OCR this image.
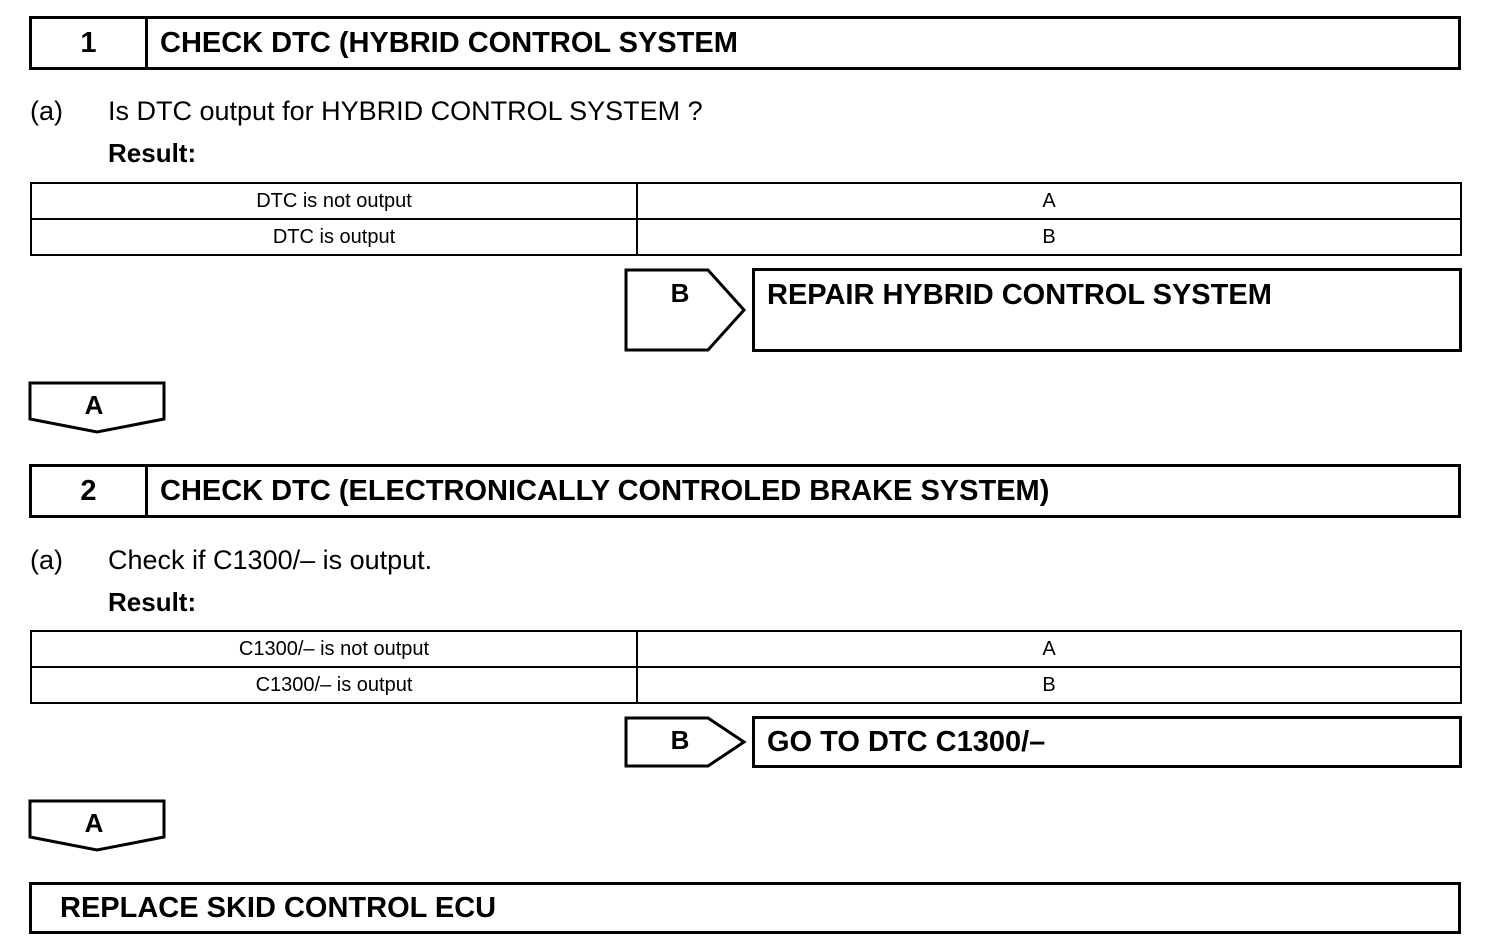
1	CHECK DTC (HYBRID CONTROL SYSTEM
(a) Is DTC output for HYBRID CONTROL SYSTEM ?
Result:
DTC is not output	A
DTC is output	B
B	REPAIR HYBRID CONTROL SYSTEM
A
2	CHECK DTC (ELECTRONICALLY CONTROLED BRAKE SYSTEM)
(a) Check if C1300/– is output.
Result:
C1300/– is not output	A
C1300/– is output	B
B	GO TO DTC C1300/–
A
REPLACE SKID CONTROL ECU
